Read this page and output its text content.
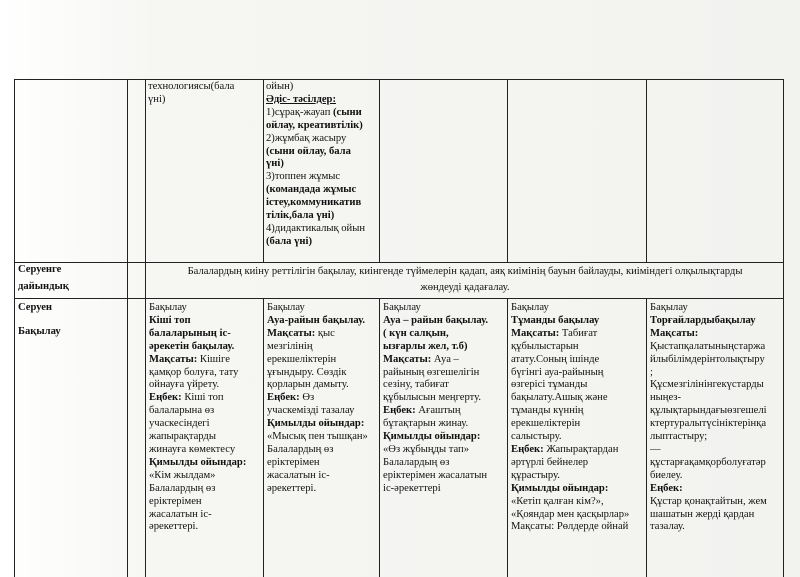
технологиясы(бала
үні)
ойын)
Әдіс- тәсілдер:
1)сұрақ-жауап (сыни
ойлау, креативтілік)
2)жұмбақ жасыру
(сыни ойлау, бала
үні)
3)топпен жұмыс
(командада жұмыс
істеу,коммуникатив
тілік,бала үні)
4)дидактикалық ойын
(бала үні)
Серуенге
дайындық
Балалардың киіну реттілігін бақылау, киінгенде түймелерін қадап, аяқ киімінің бауын байлауды, киіміндегі олқылықтарды
жөндеуді қадағалау.
Серуен
Бақылау
Бақылау
Кіші топ
балаларының іс-
әрекетін бақылау.
Мақсаты: Кішіге
қамқор болуға, тату
ойнауға үйрету.
Еңбек: Кіші топ
балаларына өз
учаскесіндегі
жапырақтарды
жинауға көмектесу
Қимылды ойындар:
«Кім жылдам»
Балалардың өз
еріктерімен
жасалатын іс-
әрекеттері.
Бақылау
Ауа-райын бақылау.
Мақсаты: қыс
мезгілінің
ерекшеліктерін
ұғындыру. Сөздік
қорларын дамыту.
Еңбек: Өз
учаскемізді тазалау
Қимылды ойындар:
«Мысық пен тышқан»
Балалардың өз
еріктерімен
жасалатын іс-
әрекеттері.
Бақылау
Ауа – райын бақылау.
( күн салқын,
ызғарлы жел, т.б)
Мақсаты: Ауа –
райының өзгешелігін
сезіну, табиғат
құбылысын меңгерту.
Еңбек: Ағаштың
бұтақтарын жинау.
Қимылды ойындар:
«Өз жұбыңды тап»
Балалардың өз
еріктерімен жасалатын
іс-әрекеттері
Бақылау
Тұманды бақылау
Мақсаты: Табиғат
құбылыстарын
атату.Соның ішінде
бүгінгі ауа-райының
өзгерісі тұманды
бақылату.Ашық және
тұманды күннің
ерекшеліктерін
салыстыру.
Еңбек: Жапырақтардан
әртүрлі бейнелер
құрастыру.
Қимылды ойындар:
«Кетіп қалған кім?»,
«Қояндар мен қасқырлар»
Мақсаты: Рөлдерде ойнай
Бақылау
Торғайлардыбақылау
Мақсаты:
Қыстапқалатыныңстаржа
йлыбілімдерінтолықтыру
;
Құсмезгілінінгекүстарды
ныңез-
құлықтарындағыөзгешелі
ктертуралытүсініктерінқа
лыптастыру;
—
құстарғақамқорболуғатәр
биелеу.
Еңбек:
Құстар қонақтайтын, жем
шашатын жерді қардан
тазалау.
